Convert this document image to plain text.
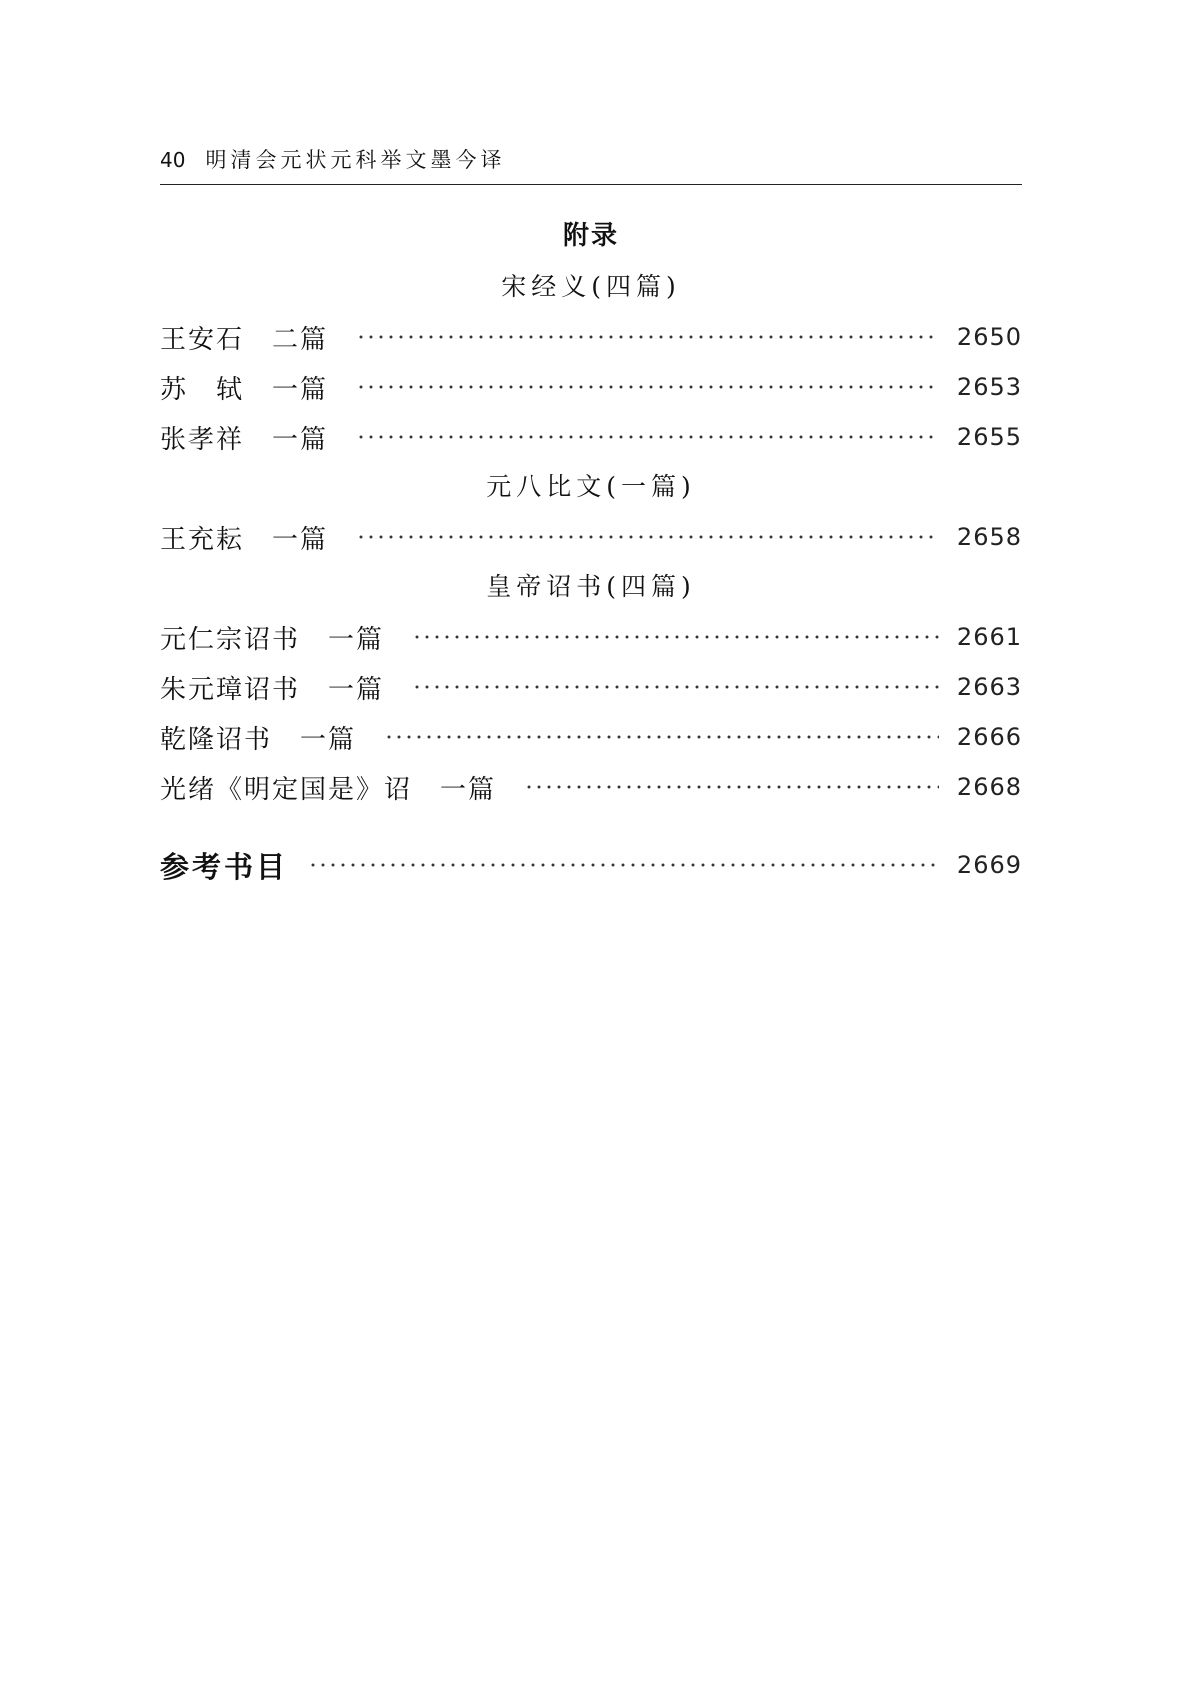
40 明清会元状元科举文墨今译
附录
宋经义(四篇)
王安石　二篇	2650
苏　轼　一篇	2653
张孝祥　一篇	2655
元八比文(一篇)
王充耘　一篇	2658
皇帝诏书(四篇)
元仁宗诏书　一篇	2661
朱元璋诏书　一篇	2663
乾隆诏书　一篇	2666
光绪《明定国是》诏　一篇	2668
参考书目	2669
